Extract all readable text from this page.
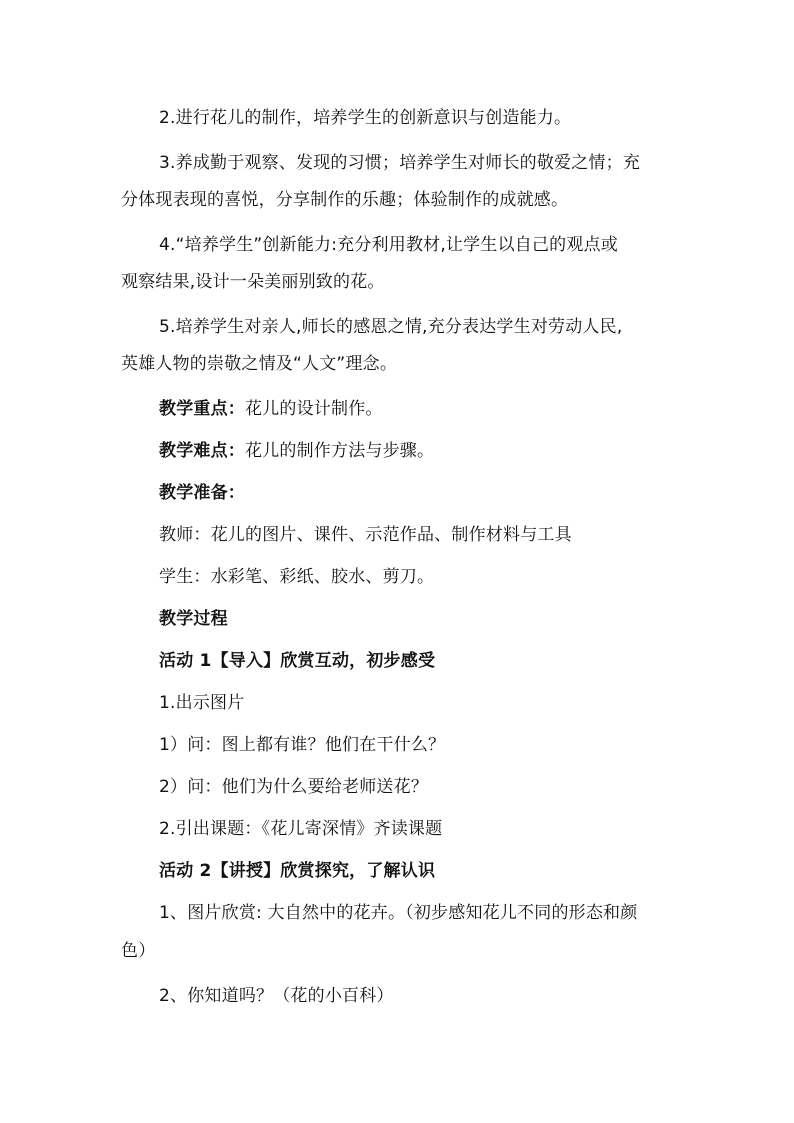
2.进行花儿的制作，培养学生的创新意识与创造能力。
3.养成勤于观察、发现的习惯；培养学生对师长的敬爱之情；充
分体现表现的喜悦，分享制作的乐趣；体验制作的成就感。
4.“培养学生”创新能力:充分利用教材,让学生以自己的观点或
观察结果,设计一朵美丽别致的花。
5.培养学生对亲人,师长的感恩之情,充分表达学生对劳动人民,
英雄人物的崇敬之情及“人文”理念。
教学重点：花儿的设计制作。
教学难点：花儿的制作方法与步骤。
教学准备：
教师：花儿的图片、课件、示范作品、制作材料与工具
学生：水彩笔、彩纸、胶水、剪刀。
教学过程
活动 1【导入】欣赏互动，初步感受
1.出示图片
1）问：图上都有谁？他们在干什么？
2）问：他们为什么要给老师送花？
2.引出课题：《花儿寄深情》齐读课题
活动 2【讲授】欣赏探究，了解认识
1、图片欣赏: 大自然中的花卉。（初步感知花儿不同的形态和颜
色）
2、你知道吗？（花的小百科）
